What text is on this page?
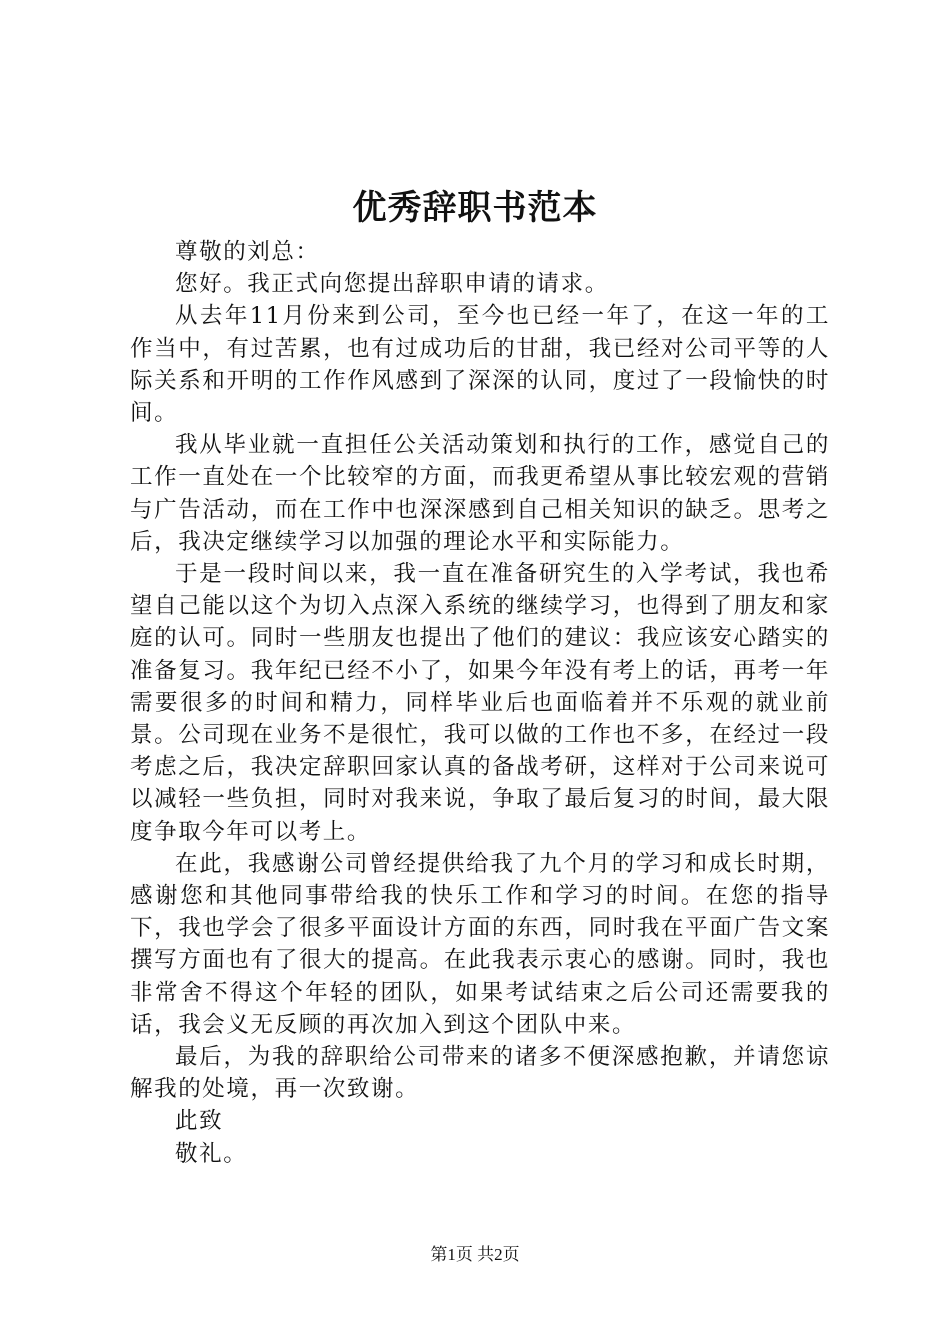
优秀辞职书范本

尊敬的刘总：

您好。我正式向您提出辞职申请的请求。

从去年11月份来到公司，至今也已经一年了，在这一年的工作当中，有过苦累，也有过成功后的甘甜，我已经对公司平等的人际关系和开明的工作作风感到了深深的认同，度过了一段愉快的时间。

我从毕业就一直担任公关活动策划和执行的工作，感觉自己的工作一直处在一个比较窄的方面，而我更希望从事比较宏观的营销与广告活动，而在工作中也深深感到自己相关知识的缺乏。思考之后，我决定继续学习以加强的理论水平和实际能力。

于是一段时间以来，我一直在准备研究生的入学考试，我也希望自己能以这个为切入点深入系统的继续学习，也得到了朋友和家庭的认可。同时一些朋友也提出了他们的建议：我应该安心踏实的准备复习。我年纪已经不小了，如果今年没有考上的话，再考一年需要很多的时间和精力，同样毕业后也面临着并不乐观的就业前景。公司现在业务不是很忙，我可以做的工作也不多，在经过一段考虑之后，我决定辞职回家认真的备战考研，这样对于公司来说可以减轻一些负担，同时对我来说，争取了最后复习的时间，最大限度争取今年可以考上。

在此，我感谢公司曾经提供给我了九个月的学习和成长时期，感谢您和其他同事带给我的快乐工作和学习的时间。在您的指导下，我也学会了很多平面设计方面的东西，同时我在平面广告文案撰写方面也有了很大的提高。在此我表示衷心的感谢。同时，我也非常舍不得这个年轻的团队，如果考试结束之后公司还需要我的话，我会义无反顾的再次加入到这个团队中来。

最后，为我的辞职给公司带来的诸多不便深感抱歉，并请您谅解我的处境，再一次致谢。

此致

敬礼。

第1页 共2页
